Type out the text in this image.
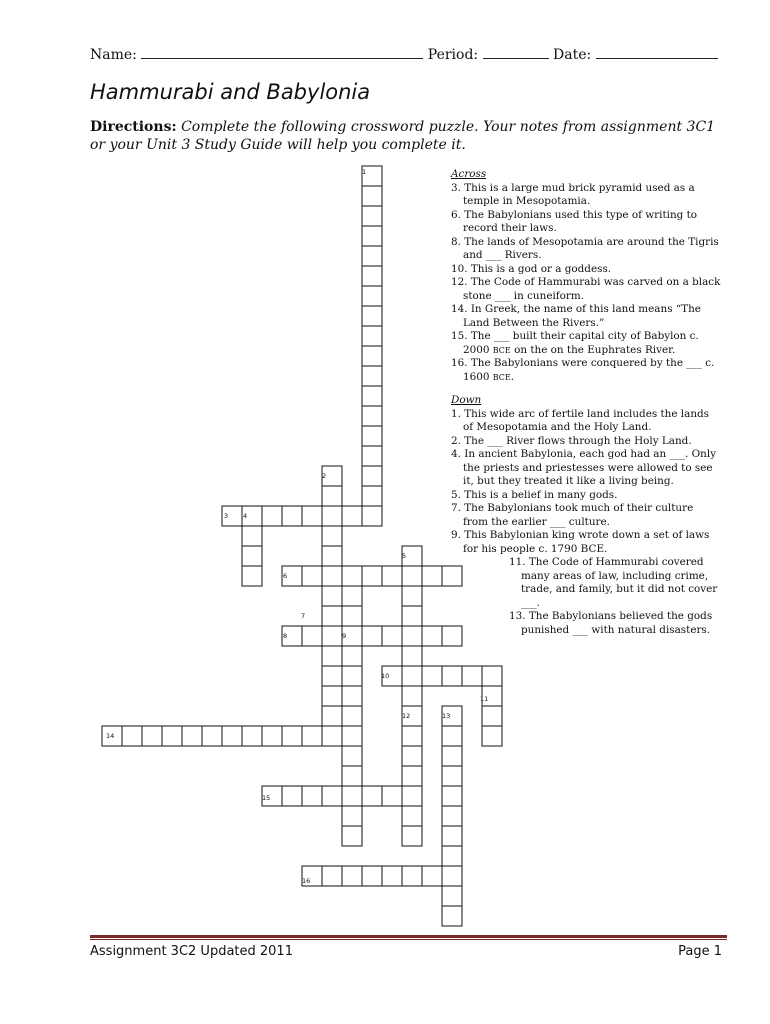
Name:	Period:	Date:
Hammurabi and Babylonia
Directions: Complete the following crossword puzzle. Your notes from assignment 3C1 or your Unit 3 Study Guide will help you complete it.
1
2
3 4
5
6
7
8	9
10
11
12	13
14
15
16
Across
3. This is a large mud brick pyramid used as a temple in Mesopotamia.
6. The Babylonians used this type of writing to record their laws.
8. The lands of Mesopotamia are around the Tigris and ___ Rivers.
10. This is a god or a goddess.
12. The Code of Hammurabi was carved on a black stone ___ in cuneiform.
14. In Greek, the name of this land means “The Land Between the Rivers.”
15. The ___ built their capital city of Babylon c. 2000 BCE on the on the Euphrates River.
16. The Babylonians were conquered by the ___ c. 1600 BCE.
Down
1. This wide arc of fertile land includes the lands of Mesopotamia and the Holy Land.
2. The ___ River flows through the Holy Land.
4. In ancient Babylonia, each god had an ___. Only the priests and priestesses were allowed to see it, but they treated it like a living being.
5. This is a belief in many gods.
7. The Babylonians took much of their culture from the earlier ___ culture.
9. This Babylonian king wrote down a set of laws for his people c. 1790 BCE.
11. The Code of Hammurabi covered many areas of law, including crime, trade, and family, but it did not cover ___.
13. The Babylonians believed the gods punished ___ with natural disasters.
Assignment 3C2 Updated 2011	Page 1
